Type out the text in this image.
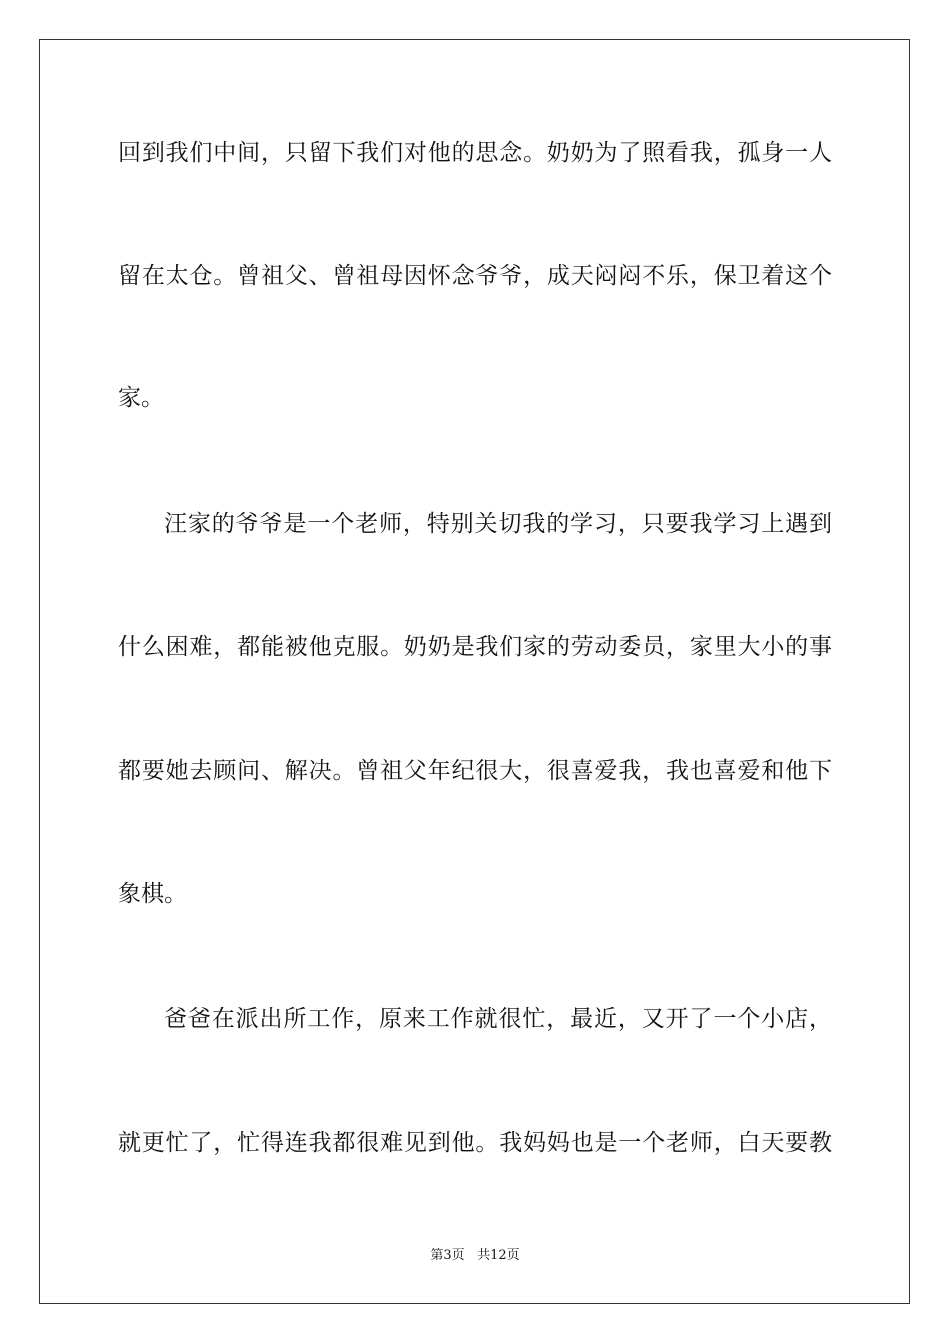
回到我们中间，只留下我们对他的思念。奶奶为了照看我，孤身一人
留在太仓。曾祖父、曾祖母因怀念爷爷，成天闷闷不乐，保卫着这个
家。
汪家的爷爷是一个老师，特别关切我的学习，只要我学习上遇到
什么困难，都能被他克服。奶奶是我们家的劳动委员，家里大小的事
都要她去顾问、解决。曾祖父年纪很大，很喜爱我，我也喜爱和他下
象棋。
爸爸在派出所工作，原来工作就很忙，最近，又开了一个小店，
就更忙了，忙得连我都很难见到他。我妈妈也是一个老师，白天要教
第3页 共12页
